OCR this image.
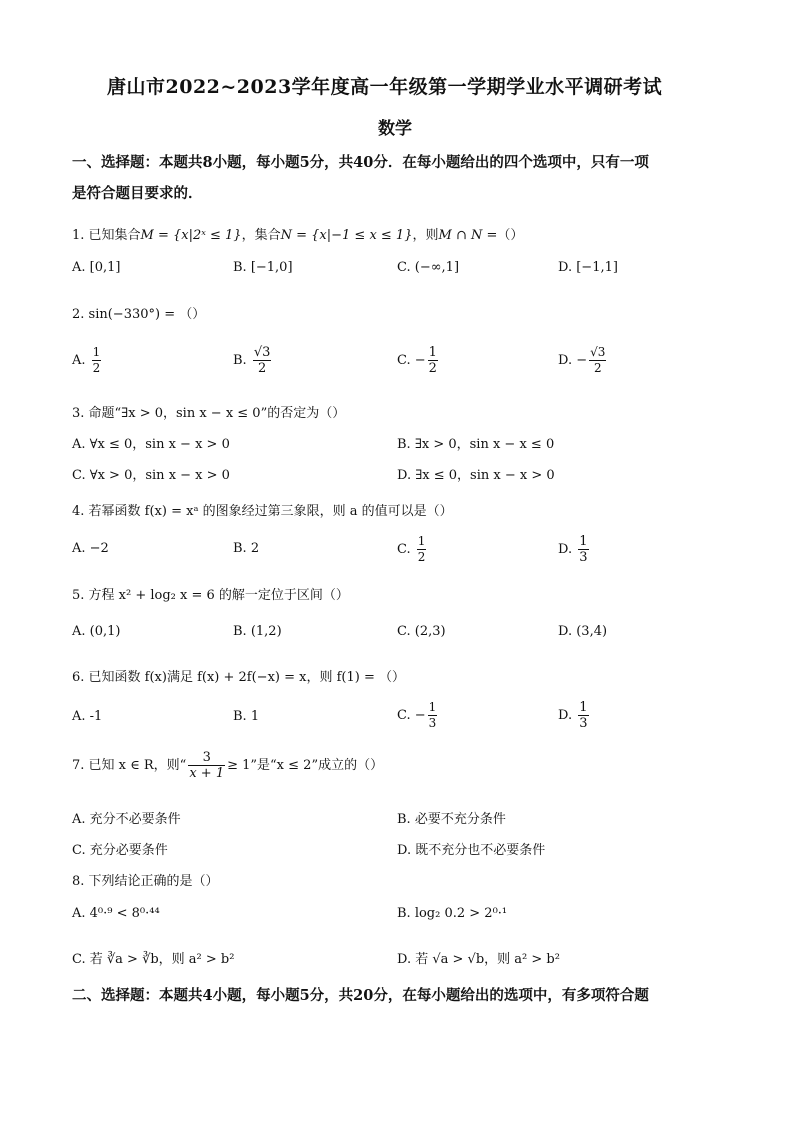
唐山市2022~2023学年度高一年级第一学期学业水平调研考试
数学
一、选择题：本题共8小题，每小题5分，共40分．在每小题给出的四个选项中，只有一项
是符合题目要求的．
1. 已知集合M = {x|2ˣ ≤ 1}，集合N = {x|−1 ≤ x ≤ 1}，则M ∩ N =（）
A. [0,1]	B. [−1,0]	C. (−∞,1]	D. [−1,1]
2. sin(−330°) = （）
A. $\frac{1}{2}$	B. $\frac{√3}{2}$	C. − $\frac{1}{2}$	D. − $\frac{√3}{2}$
3. 命题“∃x > 0，sin x − x ≤ 0”的否定为（）
A. ∀x ≤ 0，sin x − x > 0	B. ∃x > 0，sin x − x ≤ 0
C. ∀x > 0，sin x − x > 0	D. ∃x ≤ 0，sin x − x > 0
4. 若幂函数 f(x) = xᵃ 的图象经过第三象限，则 a 的值可以是（）
A. −2	B. 2	C. $\frac{1}{2}$	D. $\frac{1}{3}$
5. 方程 x² + log₂ x = 6 的解一定位于区间（）
A. (0,1)	B. (1,2)	C. (2,3)	D. (3,4)
6. 已知函数 f(x)满足 f(x) + 2f(−x) = x，则 f(1) = （）
A. -1	B. 1	C. − $\frac{1}{3}$	D. $\frac{1}{3}$
7. 已知 x ∈ R，则“ $\frac{3}{x + 1} \ge 1$”是“x ≤ 2”成立的（）
A. 充分不必要条件	B. 必要不充分条件
C. 充分必要条件	D. 既不充分也不必要条件
8. 下列结论正确的是（）
A. 4⁰·⁹ < 8⁰·⁴⁴	B. log₂ 0.2 > 2⁰·¹
C. 若 ∛a > ∛b，则 a² > b²	D. 若 √a > √b，则 a² > b²
二、选择题：本题共4小题，每小题5分，共20分，在每小题给出的选项中，有多项符合题
